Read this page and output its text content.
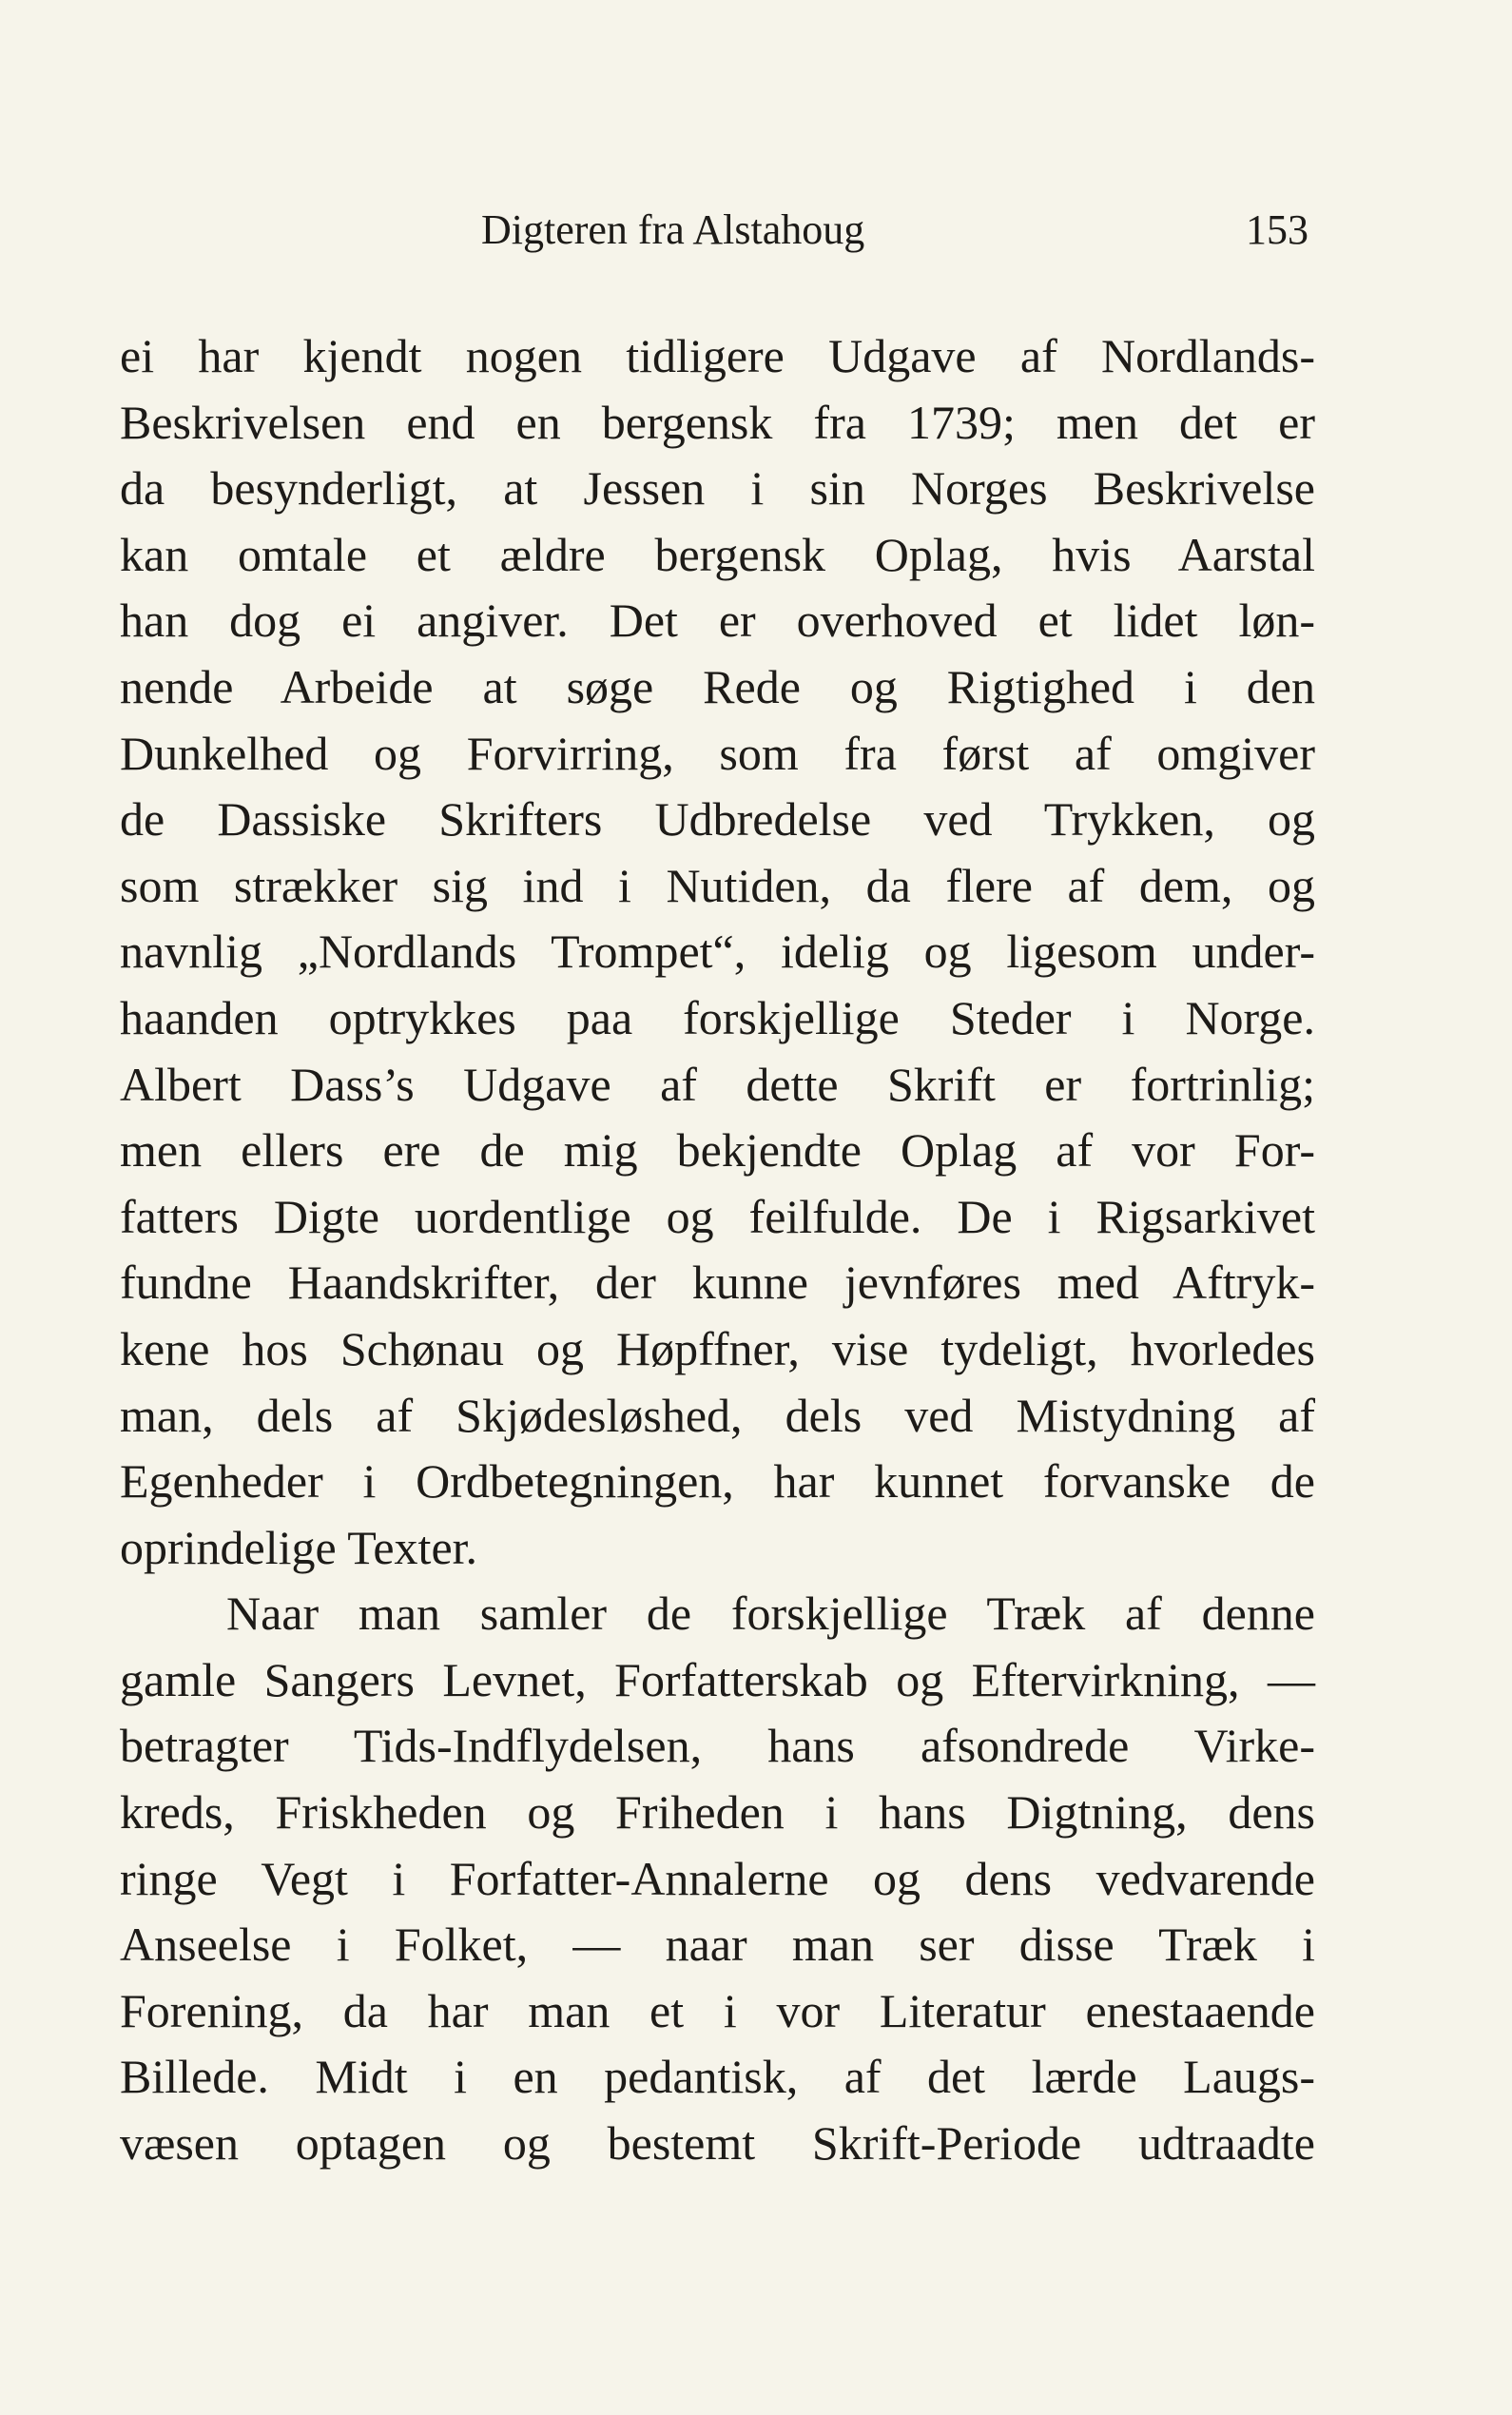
Digteren fra Alstahoug	153
ei har kjendt nogen tidligere Udgave af Nordlands-
Beskrivelsen end en bergensk fra 1739; men det er
da besynderligt, at Jessen i sin Norges Beskrivelse
kan omtale et ældre bergensk Oplag, hvis Aarstal
han dog ei angiver. Det er overhoved et lidet løn-
nende Arbeide at søge Rede og Rigtighed i den
Dunkelhed og Forvirring, som fra først af omgiver
de Dassiske Skrifters Udbredelse ved Trykken, og
som strækker sig ind i Nutiden, da flere af dem, og
navnlig „Nordlands Trompet“, idelig og ligesom under-
haanden optrykkes paa forskjellige Steder i Norge.
Albert Dass’s Udgave af dette Skrift er fortrinlig;
men ellers ere de mig bekjendte Oplag af vor For-
fatters Digte uordentlige og feilfulde. De i Rigsarkivet
fundne Haandskrifter, der kunne jevnføres med Aftryk-
kene hos Schønau og Høpffner, vise tydeligt, hvorledes
man, dels af Skjødesløshed, dels ved Mistydning af
Egenheder i Ordbetegningen, har kunnet forvanske de
oprindelige Texter.
Naar man samler de forskjellige Træk af denne
gamle Sangers Levnet, Forfatterskab og Eftervirkning, —
betragter Tids-Indflydelsen, hans afsondrede Virke-
kreds, Friskheden og Friheden i hans Digtning, dens
ringe Vegt i Forfatter-Annalerne og dens vedvarende
Anseelse i Folket, — naar man ser disse Træk i
Forening, da har man et i vor Literatur enestaaende
Billede. Midt i en pedantisk, af det lærde Laugs-
væsen optagen og bestemt Skrift-Periode udtraadte
